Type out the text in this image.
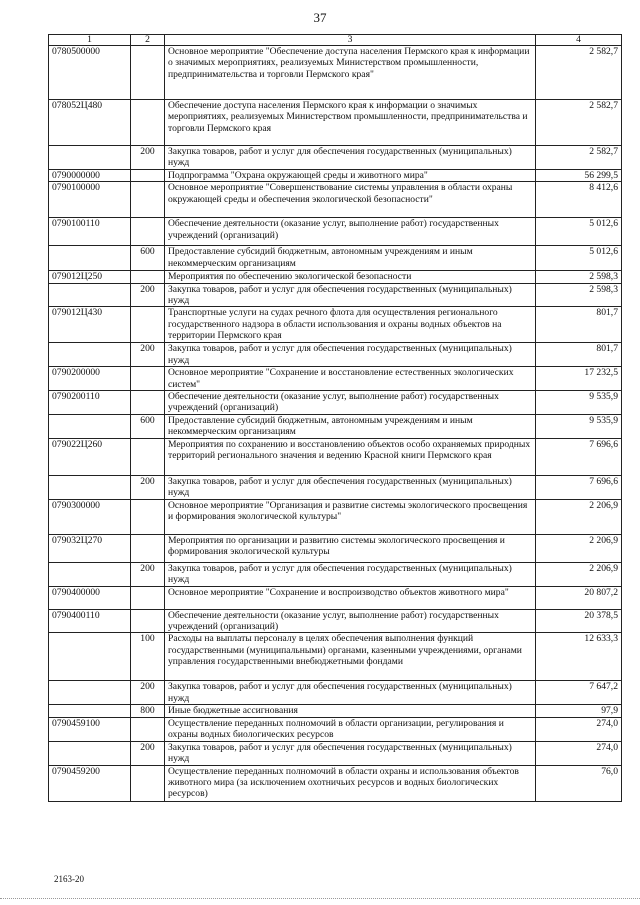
37
1	2	3	4
0780500000		Основное мероприятие "Обеспечение доступа населения Пермского края к информации о значимых мероприятиях, реализуемых Министерством промышленности, предпринимательства и торговли Пермского края"	2 582,7
078052Ц480		Обеспечение доступа населения Пермского края к информации о значимых мероприятиях, реализуемых Министерством промышленности, предпринимательства и торговли Пермского края	2 582,7
	200	Закупка товаров, работ и услуг для обеспечения государственных (муниципальных) нужд	2 582,7
0790000000		Подпрограмма "Охрана окружающей среды и животного мира"	56 299,5
0790100000		Основное мероприятие "Совершенствование системы управления в области охраны окружающей среды и обеспечения экологической безопасности"	8 412,6
0790100110		Обеспечение деятельности (оказание услуг, выполнение работ) государственных учреждений (организаций)	5 012,6
	600	Предоставление субсидий бюджетным, автономным учреждениям и иным некоммерческим организациям	5 012,6
079012Ц250		Мероприятия по обеспечению экологической безопасности	2 598,3
	200	Закупка товаров, работ и услуг для обеспечения государственных (муниципальных) нужд	2 598,3
079012Ц430		Транспортные услуги на судах речного флота для осуществления регионального государственного надзора в области использования и охраны водных объектов на территории Пермского края	801,7
	200	Закупка товаров, работ и услуг для обеспечения государственных (муниципальных) нужд	801,7
0790200000		Основное мероприятие "Сохранение и восстановление естественных экологических систем"	17 232,5
0790200110		Обеспечение деятельности (оказание услуг, выполнение работ) государственных учреждений (организаций)	9 535,9
	600	Предоставление субсидий бюджетным, автономным учреждениям и иным некоммерческим организациям	9 535,9
079022Ц260		Мероприятия по сохранению и восстановлению объектов особо охраняемых природных территорий регионального значения и ведению Красной книги Пермского края	7 696,6
	200	Закупка товаров, работ и услуг для обеспечения государственных (муниципальных) нужд	7 696,6
0790300000		Основное мероприятие "Организация и развитие системы экологического просвещения и формирования экологической культуры"	2 206,9
079032Ц270		Мероприятия по организации и развитию системы экологического просвещения и формирования экологической культуры	2 206,9
	200	Закупка товаров, работ и услуг для обеспечения государственных (муниципальных) нужд	2 206,9
0790400000		Основное мероприятие "Сохранение и воспроизводство объектов животного мира"	20 807,2
0790400110		Обеспечение деятельности (оказание услуг, выполнение работ) государственных учреждений (организаций)	20 378,5
	100	Расходы на выплаты персоналу в целях обеспечения выполнения функций государственными (муниципальными) органами, казенными учреждениями, органами управления государственными внебюджетными фондами	12 633,3
	200	Закупка товаров, работ и услуг для обеспечения государственных (муниципальных) нужд	7 647,2
	800	Иные бюджетные ассигнования	97,9
0790459100		Осуществление переданных полномочий в области организации, регулирования и охраны водных биологических ресурсов	274,0
	200	Закупка товаров, работ и услуг для обеспечения государственных (муниципальных) нужд	274,0
0790459200		Осуществление переданных полномочий в области охраны и использования объектов животного мира (за исключением охотничьих ресурсов и водных биологических ресурсов)	76,0
2163-20
